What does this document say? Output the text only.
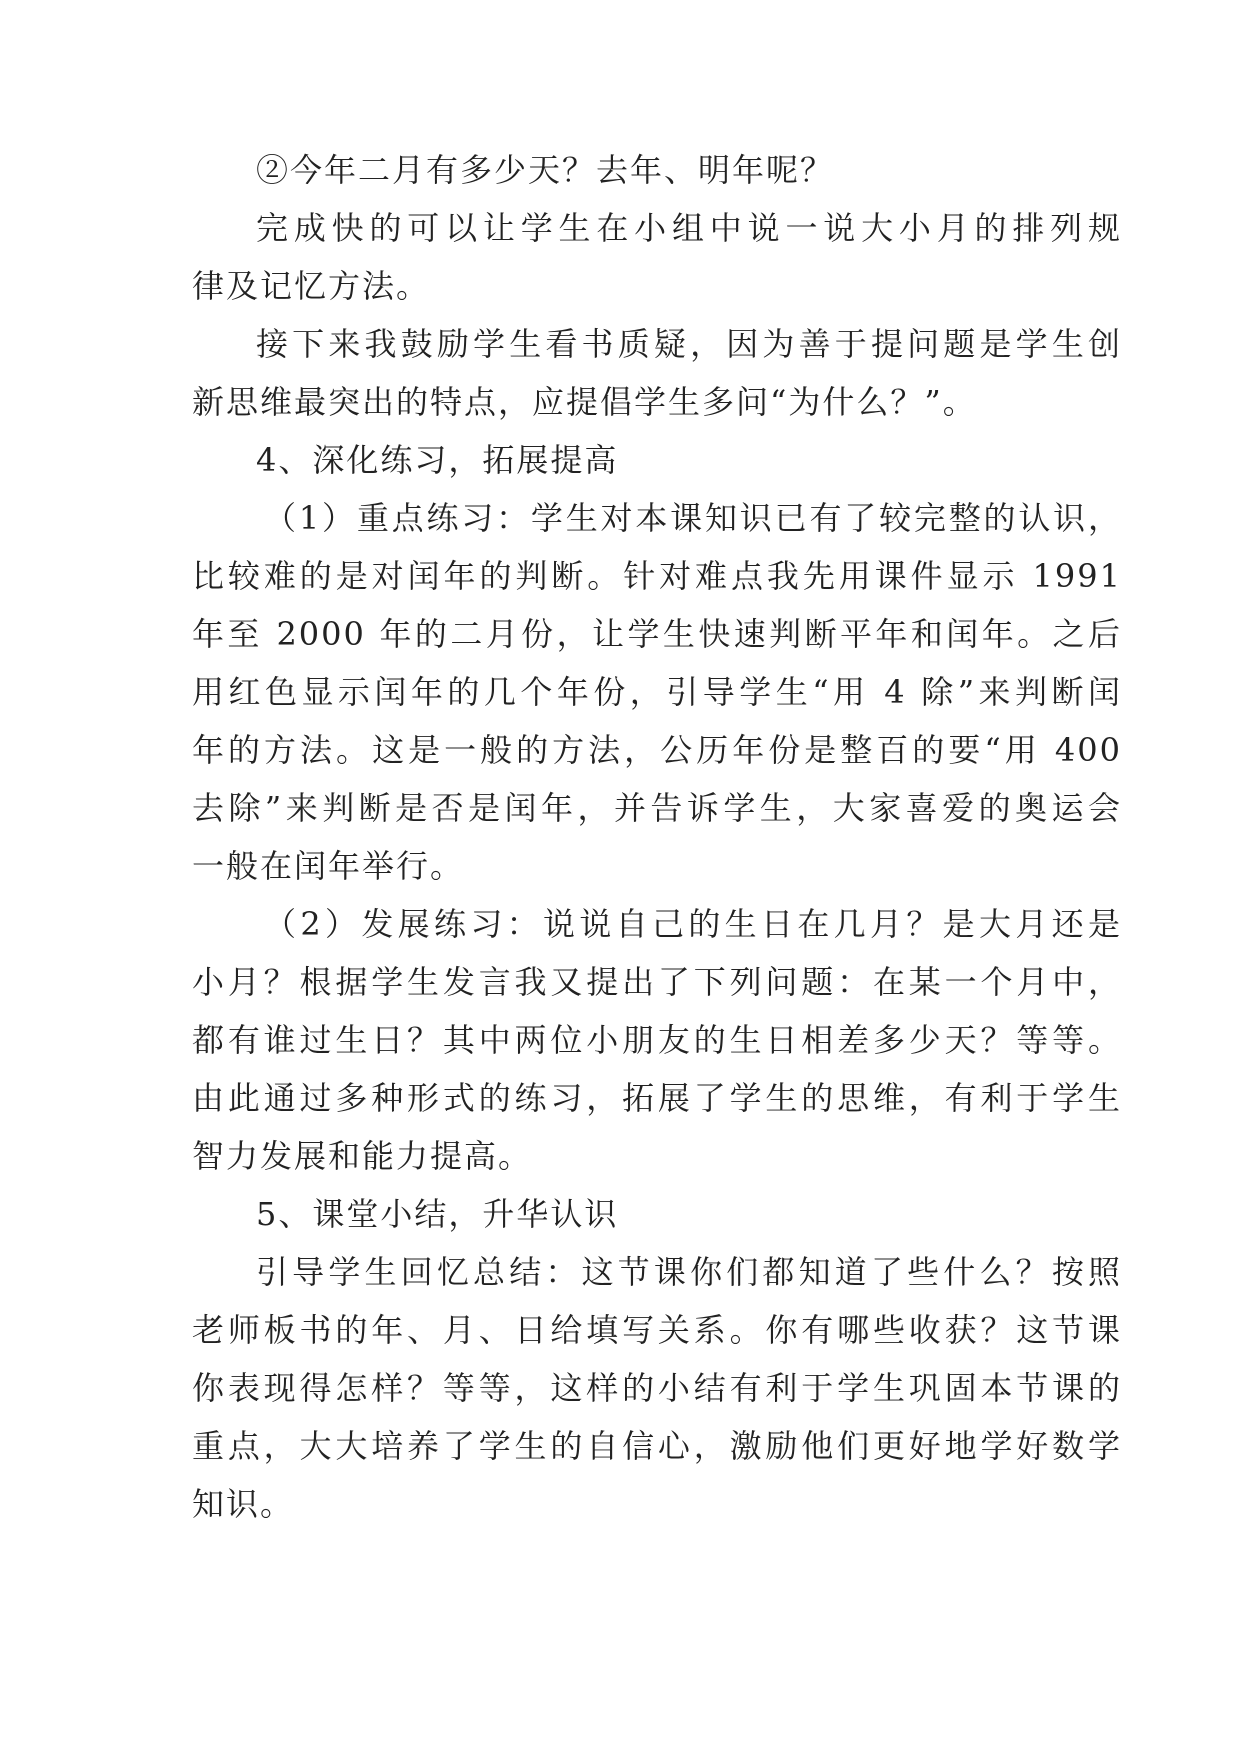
②今年二月有多少天？去年、明年呢？
完成快的可以让学生在小组中说一说大小月的排列规
律及记忆方法。
接下来我鼓励学生看书质疑，因为善于提问题是学生创
新思维最突出的特点，应提倡学生多问“为什么？”。
4、深化练习，拓展提高
（1）重点练习：学生对本课知识已有了较完整的认识，
比较难的是对闰年的判断。针对难点我先用课件显示 1991
年至 2000 年的二月份，让学生快速判断平年和闰年。之后
用红色显示闰年的几个年份，引导学生“用 4 除”来判断闰
年的方法。这是一般的方法，公历年份是整百的要“用 400
去除”来判断是否是闰年，并告诉学生，大家喜爱的奥运会
一般在闰年举行。
（2）发展练习：说说自己的生日在几月？是大月还是
小月？根据学生发言我又提出了下列问题：在某一个月中，
都有谁过生日？其中两位小朋友的生日相差多少天？等等。
由此通过多种形式的练习，拓展了学生的思维，有利于学生
智力发展和能力提高。
5、课堂小结，升华认识
引导学生回忆总结：这节课你们都知道了些什么？按照
老师板书的年、月、日给填写关系。你有哪些收获？这节课
你表现得怎样？等等，这样的小结有利于学生巩固本节课的
重点，大大培养了学生的自信心，激励他们更好地学好数学
知识。
